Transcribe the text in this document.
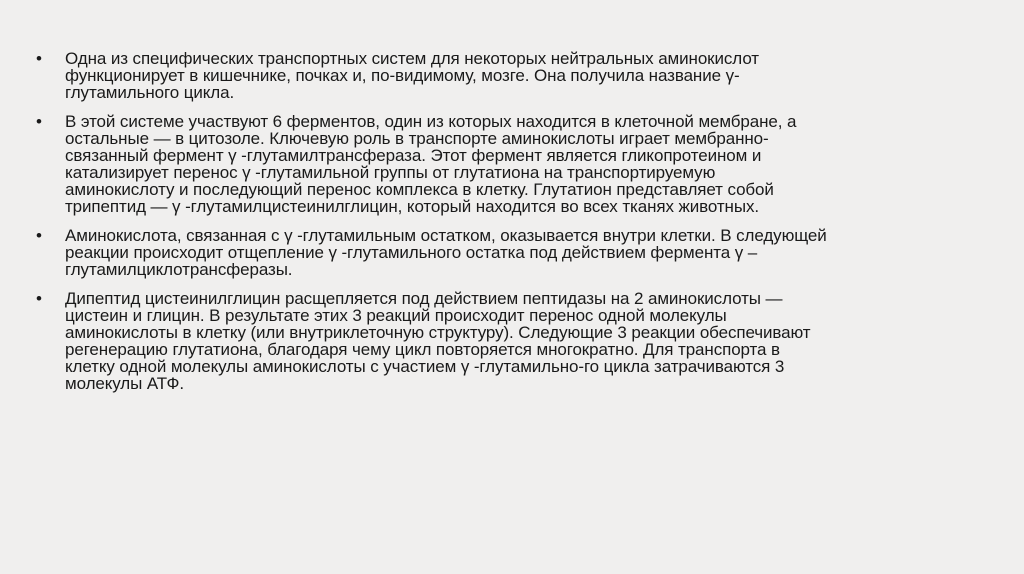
• Одна из специфических транспортных систем для некоторых нейтральных аминокислот
функционирует в кишечнике, почках и, по-видимому, мозге. Она получила название γ-
глутамильного цикла.
• В этой системе участвуют 6 ферментов, один из которых находится в клеточной мембране, а
остальные — в цитозоле. Ключевую роль в транспорте аминокислоты играет мембранно-
связанный фермент γ -глутамилтрансфераза. Этот фермент является гликопротеином и
катализирует перенос γ -глутамильной группы от глутатиона на транспортируемую
аминокислоту и последующий перенос комплекса в клетку. Глутатион представляет собой
трипептид — γ -глутамилцистеинилглицин, который находится во всех тканях животных.
• Аминокислота, связанная с γ -глутамильным остатком, оказывается внутри клетки. В следующей
реакции происходит отщепление γ -глутамильного остатка под действием фермента γ –
глутамилциклотрансферазы.
• Дипептид цистеинилглицин расщепляется под действием пептидазы на 2 аминокислоты —
цистеин и глицин. В результате этих 3 реакций происходит перенос одной молекулы
аминокислоты в клетку (или внутриклеточную структуру). Следующие 3 реакции обеспечивают
регенерацию глутатиона, благодаря чему цикл повторяется многократно. Для транспорта в
клетку одной молекулы аминокислоты с участием γ -глутамильно-го цикла затрачиваются 3
молекулы АТФ.
